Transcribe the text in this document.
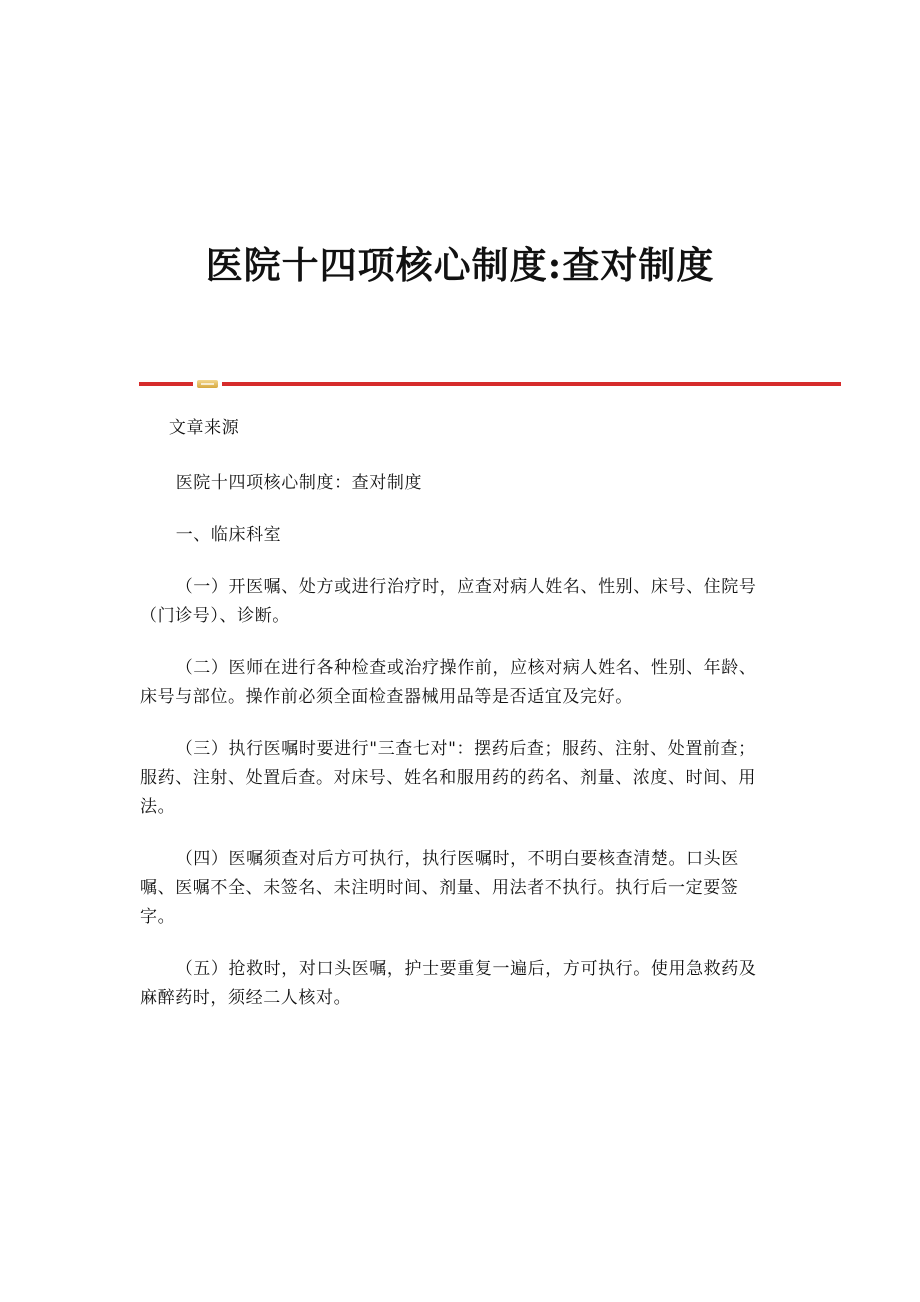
医院十四项核心制度:查对制度

文章来源

医院十四项核心制度：查对制度

一、临床科室

（一）开医嘱、处方或进行治疗时，应查对病人姓名、性别、床号、住院号（门诊号）、诊断。

（二）医师在进行各种检查或治疗操作前，应核对病人姓名、性别、年龄、床号与部位。操作前必须全面检查器械用品等是否适宜及完好。

（三）执行医嘱时要进行"三查七对"：摆药后查；服药、注射、处置前查；服药、注射、处置后查。对床号、姓名和服用药的药名、剂量、浓度、时间、用法。

（四）医嘱须查对后方可执行，执行医嘱时，不明白要核查清楚。口头医嘱、医嘱不全、未签名、未注明时间、剂量、用法者不执行。执行后一定要签字。

（五）抢救时，对口头医嘱，护士要重复一遍后，方可执行。使用急救药及麻醉药时，须经二人核对。
